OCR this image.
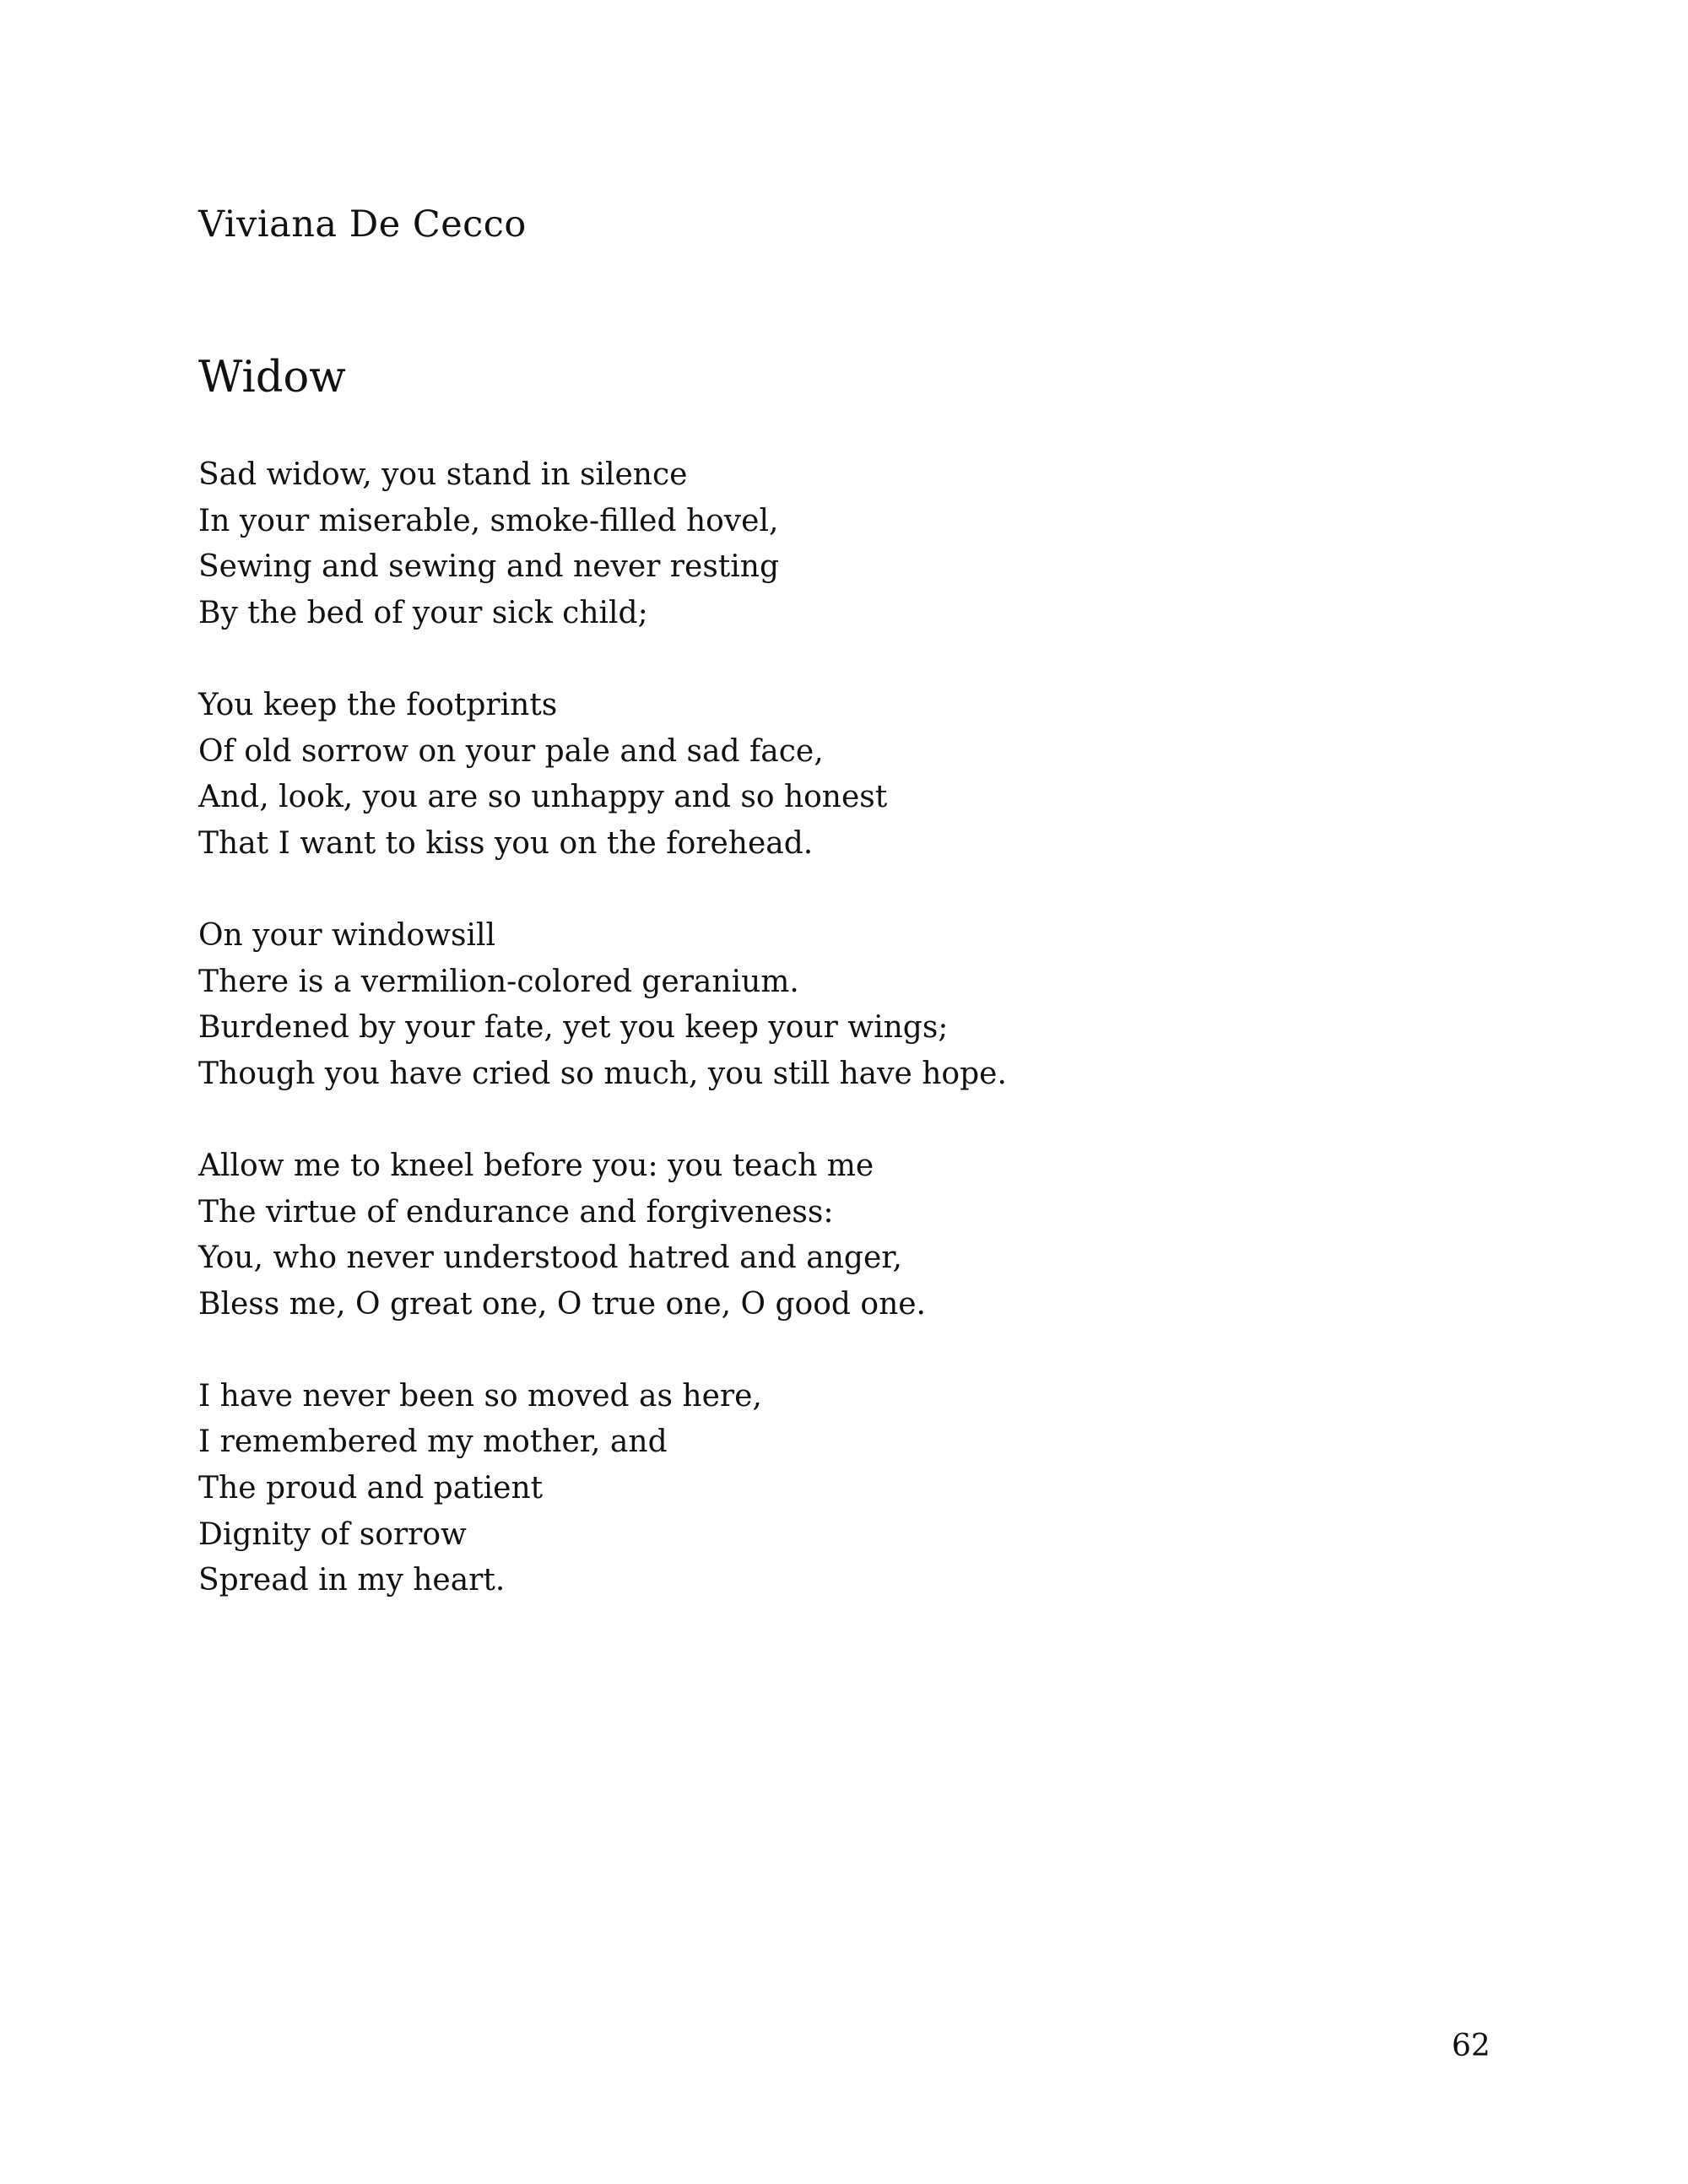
Viviana De Cecco
Widow

Sad widow, you stand in silence
In your miserable, smoke-filled hovel,
Sewing and sewing and never resting
By the bed of your sick child;

You keep the footprints
Of old sorrow on your pale and sad face,
And, look, you are so unhappy and so honest
That I want to kiss you on the forehead.

On your windowsill
There is a vermilion-colored geranium.
Burdened by your fate, yet you keep your wings;
Though you have cried so much, you still have hope.

Allow me to kneel before you: you teach me
The virtue of endurance and forgiveness:
You, who never understood hatred and anger,
Bless me, O great one, O true one, O good one.

I have never been so moved as here,
I remembered my mother, and
The proud and patient
Dignity of sorrow
Spread in my heart.

62
